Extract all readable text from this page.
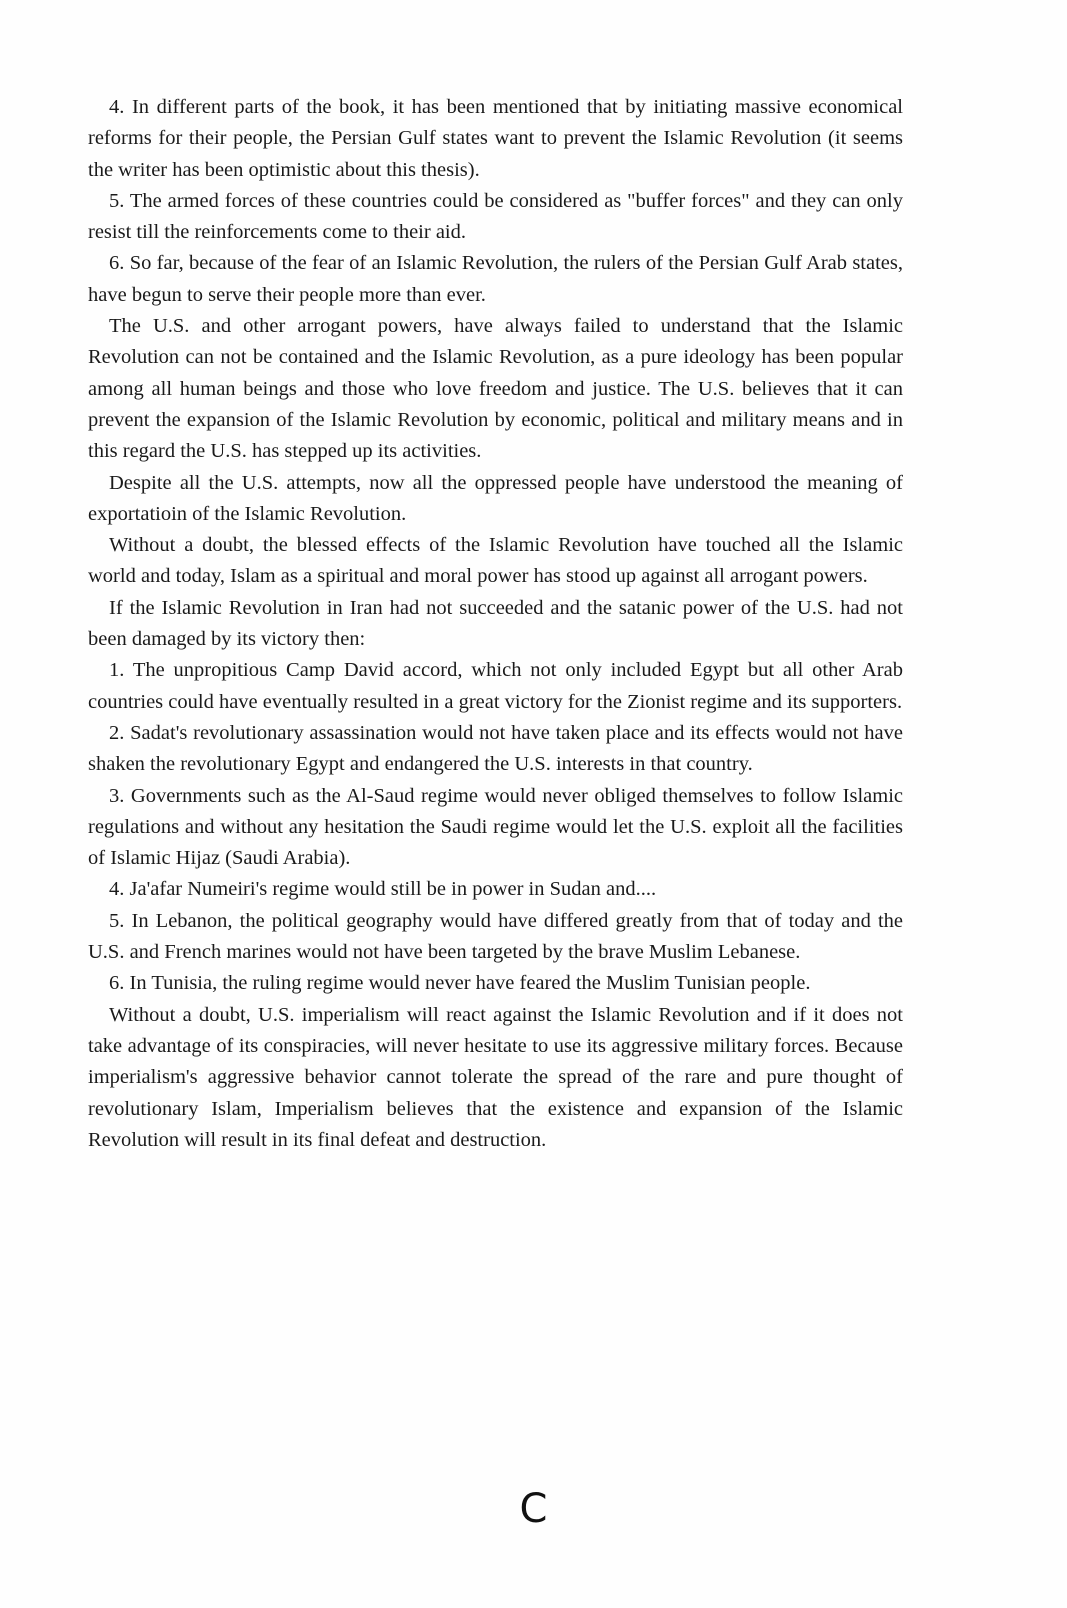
4. In different parts of the book, it has been mentioned that by initiating massive economical reforms for their people, the Persian Gulf states want to prevent the Islamic Revolution (it seems the writer has been optimistic about this thesis).

5. The armed forces of these countries could be considered as "buffer forces" and they can only resist till the reinforcements come to their aid.

6. So far, because of the fear of an Islamic Revolution, the rulers of the Persian Gulf Arab states, have begun to serve their people more than ever.

The U.S. and other arrogant powers, have always failed to understand that the Islamic Revolution can not be contained and the Islamic Revolution, as a pure ideology has been popular among all human beings and those who love freedom and justice. The U.S. believes that it can prevent the expansion of the Islamic Revolution by economic, political and military means and in this regard the U.S. has stepped up its activities.

Despite all the U.S. attempts, now all the oppressed people have understood the meaning of exportatioin of the Islamic Revolution.

Without a doubt, the blessed effects of the Islamic Revolution have touched all the Islamic world and today, Islam as a spiritual and moral power has stood up against all arrogant powers.

If the Islamic Revolution in Iran had not succeeded and the satanic power of the U.S. had not been damaged by its victory then:

1. The unpropitious Camp David accord, which not only included Egypt but all other Arab countries could have eventually resulted in a great victory for the Zionist regime and its supporters.

2. Sadat's revolutionary assassination would not have taken place and its effects would not have shaken the revolutionary Egypt and endangered the U.S. interests in that country.

3. Governments such as the Al-Saud regime would never obliged themselves to follow Islamic regulations and without any hesitation the Saudi regime would let the U.S. exploit all the facilities of Islamic Hijaz (Saudi Arabia).

4. Ja'afar Numeiri's regime would still be in power in Sudan and....

5. In Lebanon, the political geography would have differed greatly from that of today and the U.S. and French marines would not have been targeted by the brave Muslim Lebanese.

6. In Tunisia, the ruling regime would never have feared the Muslim Tunisian people.

Without a doubt, U.S. imperialism will react against the Islamic Revolution and if it does not take advantage of its conspiracies, will never hesitate to use its aggressive military forces. Because imperialism's aggressive behavior cannot tolerate the spread of the rare and pure thought of revolutionary Islam, Imperialism believes that the existence and expansion of the Islamic Revolution will result in its final defeat and destruction.

C
